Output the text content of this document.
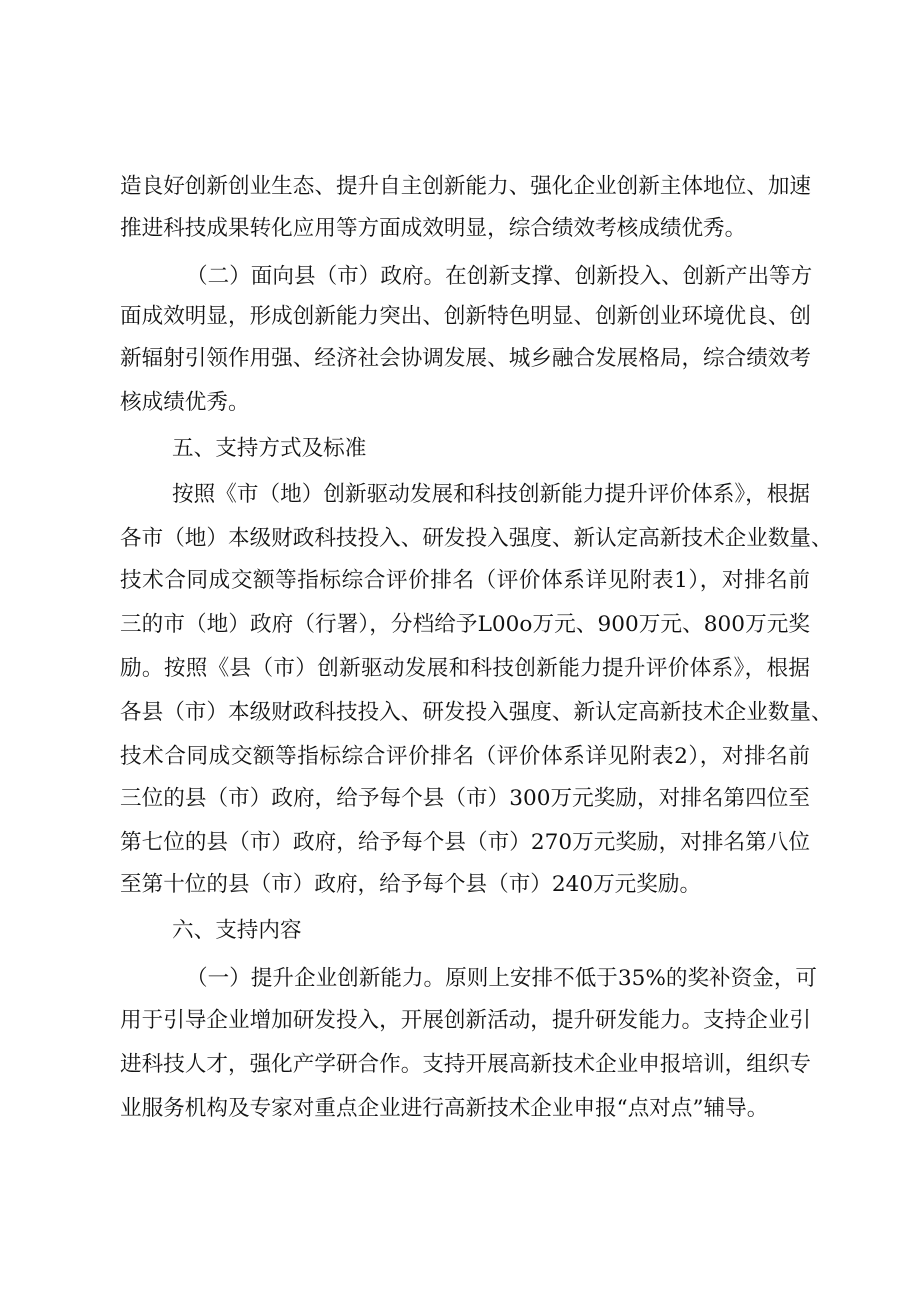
造良好创新创业生态、提升自主创新能力、强化企业创新主体地位、加速
推进科技成果转化应用等方面成效明显，综合绩效考核成绩优秀。
（二）面向县（市）政府。在创新支撑、创新投入、创新产出等方
面成效明显，形成创新能力突出、创新特色明显、创新创业环境优良、创
新辐射引领作用强、经济社会协调发展、城乡融合发展格局，综合绩效考
核成绩优秀。
五、支持方式及标准
按照《市（地）创新驱动发展和科技创新能力提升评价体系》，根据
各市（地）本级财政科技投入、研发投入强度、新认定高新技术企业数量、
技术合同成交额等指标综合评价排名（评价体系详见附表1），对排名前
三的市（地）政府（行署），分档给予L00o万元、900万元、800万元奖
励。按照《县（市）创新驱动发展和科技创新能力提升评价体系》，根据
各县（市）本级财政科技投入、研发投入强度、新认定高新技术企业数量、
技术合同成交额等指标综合评价排名（评价体系详见附表2），对排名前
三位的县（市）政府，给予每个县（市）300万元奖励，对排名第四位至
第七位的县（市）政府，给予每个县（市）270万元奖励，对排名第八位
至第十位的县（市）政府，给予每个县（市）240万元奖励。
六、支持内容
（一）提升企业创新能力。原则上安排不低于35%的奖补资金，可
用于引导企业增加研发投入，开展创新活动，提升研发能力。支持企业引
进科技人才，强化产学研合作。支持开展高新技术企业申报培训，组织专
业服务机构及专家对重点企业进行高新技术企业申报“点对点”辅导。
